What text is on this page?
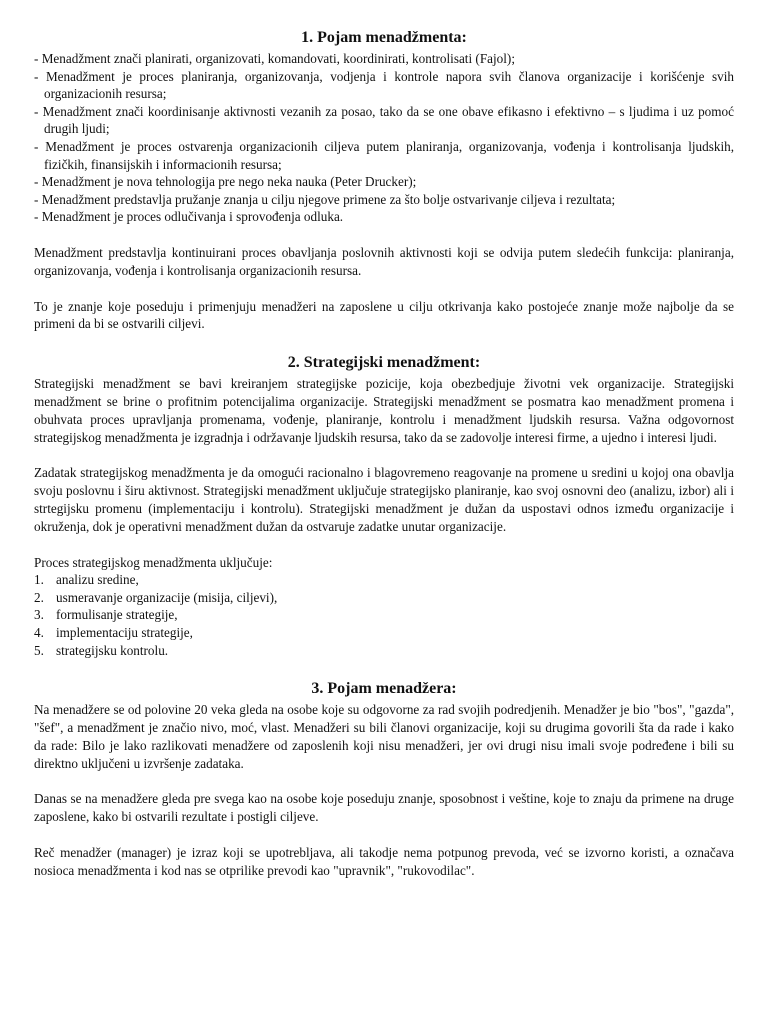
1. Pojam menadžmenta:
- Menadžment znači planirati, organizovati, komandovati, koordinirati, kontrolisati (Fajol);
- Menadžment je proces planiranja, organizovanja, vodjenja i kontrole napora svih članova organizacije i korišćenje svih organizacionih resursa;
- Menadžment znači koordinisanje aktivnosti vezanih za posao, tako da se one obave efikasno i efektivno – s ljudima i uz pomoć drugih ljudi;
- Menadžment je proces ostvarenja organizacionih ciljeva putem planiranja, organizovanja, vođenja i kontrolisanja ljudskih, fizičkih, finansijskih i informacionih resursa;
- Menadžment je nova tehnologija pre nego neka nauka (Peter Drucker);
- Menadžment predstavlja pružanje znanja u cilju njegove primene za što bolje ostvarivanje ciljeva i rezultata;
- Menadžment je proces odlučivanja i sprovođenja odluka.

Menadžment predstavlja kontinuirani proces obavljanja poslovnih aktivnosti koji se odvija putem sledećih funkcija: planiranja, organizovanja, vođenja i kontrolisanja organizacionih resursa.

To je znanje koje poseduju i primenjuju menadžeri na zaposlene u cilju otkrivanja kako postojeće znanje može najbolje da se primeni da bi se ostvarili ciljevi.

2. Strategijski menadžment:

Strategijski menadžment se bavi kreiranjem strategijske pozicije, koja obezbedjuje životni vek organizacije. Strategijski menadžment se brine o profitnim potencijalima organizacije. Strategijski menadžment se posmatra kao menadžment promena i obuhvata proces upravljanja promenama, vođenje, planiranje, kontrolu i menadžment ljudskih resursa. Važna odgovornost strategijskog menadžmenta je izgradnja i održavanje ljudskih resursa, tako da se zadovolje interesi firme, a ujedno i interesi ljudi.

Zadatak strategijskog menadžmenta je da omogući racionalno i blagovremeno reagovanje na promene u sredini u kojoj ona obavlja svoju poslovnu i širu aktivnost. Strategijski menadžment uključuje strategijsko planiranje, kao svoj osnovni deo (analizu, izbor) ali i strtegijsku promenu (implementaciju i kontrolu). Strategijski menadžment je dužan da uspostavi odnos između organizacije i okruženja, dok je operativni menadžment dužan da ostvaruje zadatke unutar organizacije.

Proces strategijskog menadžmenta uključuje:

1. analizu sredine,
2. usmeravanje organizacije (misija, ciljevi),
3. formulisanje strategije,
4. implementaciju strategije,
5. strategijsku kontrolu.
3. Pojam menadžera:

Na menadžere se od polovine 20 veka gleda na osobe koje su odgovorne za rad svojih podredjenih. Menadžer je bio "bos", "gazda", "šef", a menadžment je značio nivo, moć, vlast. Menadžeri su bili članovi organizacije, koji su drugima govorili šta da rade i kako da rade: Bilo je lako razlikovati menadžere od zaposlenih koji nisu menadžeri, jer ovi drugi nisu imali svoje podređene i bili su direktno uključeni u izvršenje zadataka.

Danas se na menadžere gleda pre svega kao na osobe koje poseduju znanje, sposobnost i veštine, koje to znaju da primene na druge zaposlene, kako bi ostvarili rezultate i postigli ciljeve.

Reč menadžer (manager) je izraz koji se upotrebljava, ali takodje nema potpunog prevoda, već se izvorno koristi, a označava nosioca menadžmenta i kod nas se otprilike prevodi kao "upravnik", "rukovodilac".
